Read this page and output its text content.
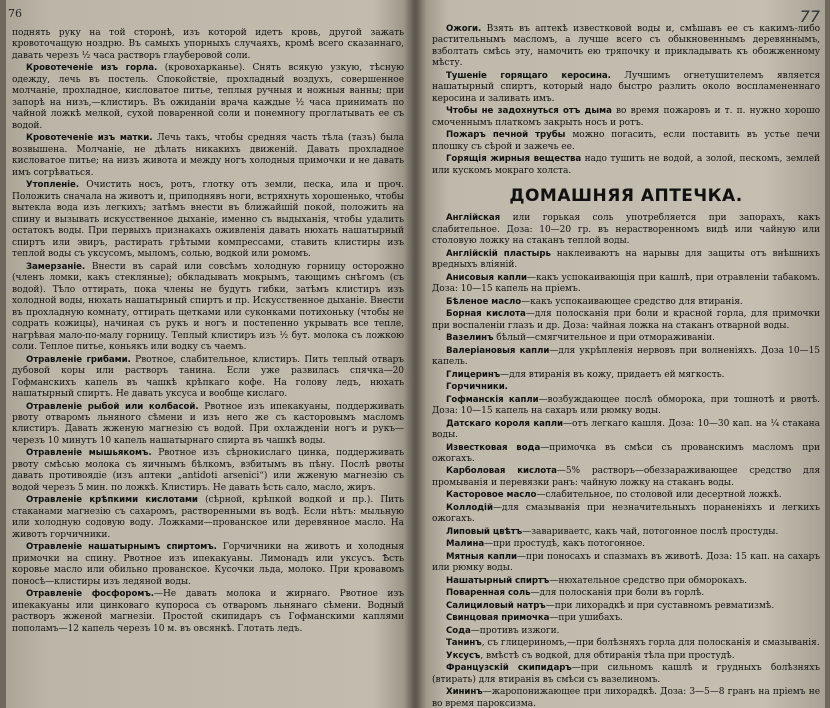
76

поднять руку на той сторонѣ, изъ которой идетъ кровь, другой зажать кровоточащую ноздрю. Въ самыхъ упорныхъ случаяхъ, кромѣ всего сказаннаго, давать черезъ ½ часа растворъ глауберовой соли.

Кровотеченіе изъ горла. (кровохарканье). Снять всякую узкую, тѣсную одежду, лечь въ постель. Спокойствіе, прохладный воздухъ, совершенное молчаніе, прохладное, кисловатое питье, теплыя ручныя и ножныя ванны; при запорѣ на низъ,—клистиръ. Въ ожиданіи врача каждые ½ часа принимать по чайной ложкѣ мелкой, сухой поваренной соли и понемногу проглатывать ее съ водой.

Кровотеченіе изъ матки. Лечь такъ, чтобы средняя часть тѣла (тазъ) была возвышена. Молчаніе, не дѣлать никакихъ движеній. Давать прохладное кисловатое питье; на низъ живота и между ногъ холодныя примочки и не давать имъ согрѣваться.

Утопленіе. Очистить носъ, ротъ, глотку отъ земли, песка, ила и проч. Положить сначала на животъ и, приподнявъ ноги, встряхнуть хорошенько, чтобы вытекла вода изъ легкихъ; затѣмъ внести въ ближайшій покой, положить на спину и вызывать искусственное дыханіе, именно съ выдыханія, чтобы удалить остатокъ воды. При первыхъ признакахъ оживленія давать нюхать нашатырный спиртъ или эвиръ, растирать грѣтыми компрессами, ставить клистиры изъ теплой воды съ уксусомъ, мыломъ, солью, водкой или ромомъ.

Замерзаніе. Внести въ сарай или совсѣмъ холодную горницу осторожно (членъ ломки, какъ стекляные); обкладывать мокрымъ, тающимъ снѣгомъ (съ водой). Тѣло оттирать, пока члены не будутъ гибки, затѣмъ клистиръ изъ холодной воды, нюхать нашатырный спиртъ и пр. Искусственное дыханіе. Внести въ прохладную комнату, оттирать щетками или суконками потихоньку (чтобы не содрать кожицы), начиная съ рукъ и ногъ и постепенно укрывать все тепле, нагрѣвая мало-по-малу горницу. Теплый клистиръ изъ ½ бут. молока съ ложкою соли. Теплое питье, коньякъ или водку съ чаемъ.

Отравленіе грибами. Рвотное, слабительное, клистиръ. Пить теплый отваръ дубовой коры или растворъ танина. Если уже развилась спячка—20 Гофманскихъ капель въ чашкѣ крѣпкаго кофе. На голову ледъ, нюхать нашатырный спиртъ. Не давать уксуса и вообще кислаго.

Отравленіе рыбой или колбасой. Рвотное изъ ипекакуаны, поддерживать рвоту отваромъ льняного сѣмени и изъ него же съ касторовымъ масломъ клистиръ. Давать жженую магнезію съ водой. При охлажденіи ногъ и рукъ—черезъ 10 минутъ 10 капель нашатырнаго спирта въ чашкѣ воды.

Отравленіе мышьякомъ. Рвотное изъ сѣрнокислаго цинка, поддерживать рвоту смѣсью молока съ яичнымъ бѣлкомъ, взбитымъ въ пѣну. Послѣ рвоты давать противоядіе (изъ аптеки „antidoti arsenici“) или жженую магнезію съ водой черезъ 5 мин. по ложкѣ. Клистиръ. Не давать ѣсть сало, масло, жиръ.

Отравленіе крѣпкими кислотами (сѣрной, крѣпкой водкой и пр.). Пить стаканами магнезію съ сахаромъ, растворенными въ водѣ. Если нѣтъ: мыльную или холодную содовую воду. Ложками—прованское или деревянное масло. На животъ горчичники.

Отравленіе нашатырнымъ спиртомъ. Горчичники на животъ и холодныя примочки на спину. Рвотное изъ ипекакуаны. Лимонадъ или уксусъ. Ѣсть коровье масло или обильно прованское. Кусочки льда, молоко. При кровавомъ поносѣ—клистиры изъ ледяной воды.

Отравленіе фосфоромъ.—Не давать молока и жирнаго. Рвотное изъ ипекакуаны или цинковаго купороса съ отваромъ льнянаго сѣмени. Водный растворъ жженой магнезіи. Простой скипидаръ съ Гофманскими каплями пополамъ—12 капель черезъ 10 м. въ овсянкѣ. Глотать ледъ.

77

Ожоги. Взять въ аптекѣ известковой воды и, смѣшавъ ее съ какимъ-либо растительнымъ масломъ, а лучше всего съ обыкновеннымъ деревяннымъ, взболтать смѣсь эту, намочить ею тряпочку и прикладывать къ обожженному мѣсту.

Тушеніе горящаго керосина. Лучшимъ огнетушителемъ является нашатырный спиртъ, который надо быстро разлить около воспламененнаго керосина и заливать имъ.

Чтобы не задохнуться отъ дыма во время пожаровъ и т. п. нужно хорошо смоченнымъ платкомъ закрыть носъ и ротъ.

Пожаръ печной трубы можно погасить, если поставить въ устье печи плошку съ сѣрой и зажечь ее.

Горящія жирныя вещества надо тушить не водой, а золой, пескомъ, землей или кускомъ мокраго холста.

ДОМАШНЯЯ АПТЕЧКА.

Англійская или горькая соль употребляется при запорахъ, какъ слабительное. Доза: 10—20 гр. въ нерастворенномъ видѣ или чайную или столовую ложку на стаканъ теплой воды.

Англійскій пластырь наклеиваютъ на нарывы для защиты отъ внѣшнихъ вредныхъ вліяній.

Анисовыя капли—какъ успокаивающія при кашлѣ, при отравленіи табакомъ. Доза: 10—15 капель на пріемъ.

Бѣленое масло—какъ успокаивающее средство для втиранія.

Борная кислота—для полосканія при боли и красной горла, для примочки при воспаленіи глазъ и др. Доза: чайная ложка на стаканъ отварной воды.

Вазелинъ бѣлый—смягчительное и при отмораживаніи.

Валеріановыя капли—для укрѣпленія нервовъ при волненіяхъ. Доза 10—15 капель.

Глицеринъ—для втиранія въ кожу, придаетъ ей мягкость.

Горчичники.

Гофманскія капли—возбуждающее послѣ обморока, при тошнотѣ и рвотѣ. Доза: 10—15 капель на сахаръ или рюмку воды.

Датскаго короля капли—отъ легкаго кашля. Доза: 10—30 кап. на ¼ стакана воды.

Известковая вода—примочка въ смѣси съ прованскимъ масломъ при ожогахъ.

Карболовая кислота—5% растворъ—обеззараживающее средство для промыванія и перевязки ранъ: чайную ложку на стаканъ воды.

Касторовое масло—слабительное, по столовой или десертной ложкѣ.

Коллодій—для смазыванія при незначительныхъ пораненіяхъ и легкихъ ожогахъ.

Липовый цвѣтъ—завариваетс, какъ чай, потогонное послѣ простуды.

Малина—при простудѣ, какъ потогонное.

Мятныя капли—при поносахъ и спазмахъ въ животѣ. Доза: 15 кап. на сахаръ или рюмку воды.

Нашатырный спиртъ—нюхательное средство при обморокахъ.

Поваренная соль—для полосканія при боли въ горлѣ.

Салициловый натръ—при лихорадкѣ и при суставномъ ревматизмѣ.

Свинцовая примочка—при ушибахъ.

Сода—противъ изжоги.

Танинъ, съ глицериномъ,—при болѣзняхъ горла для полосканія и смазыванія.

Уксусъ, вмѣстѣ съ водкой, для обтиранія тѣла при простудѣ.

Французскій скипидаръ—при сильномъ кашлѣ и грудныхъ болѣзняхъ (втирать) для втиранія въ смѣси съ вазелиномъ.

Хининъ—жаропонижающее при лихорадкѣ. Доза: 3—5—8 гранъ на пріемъ не во время пароксизма.
